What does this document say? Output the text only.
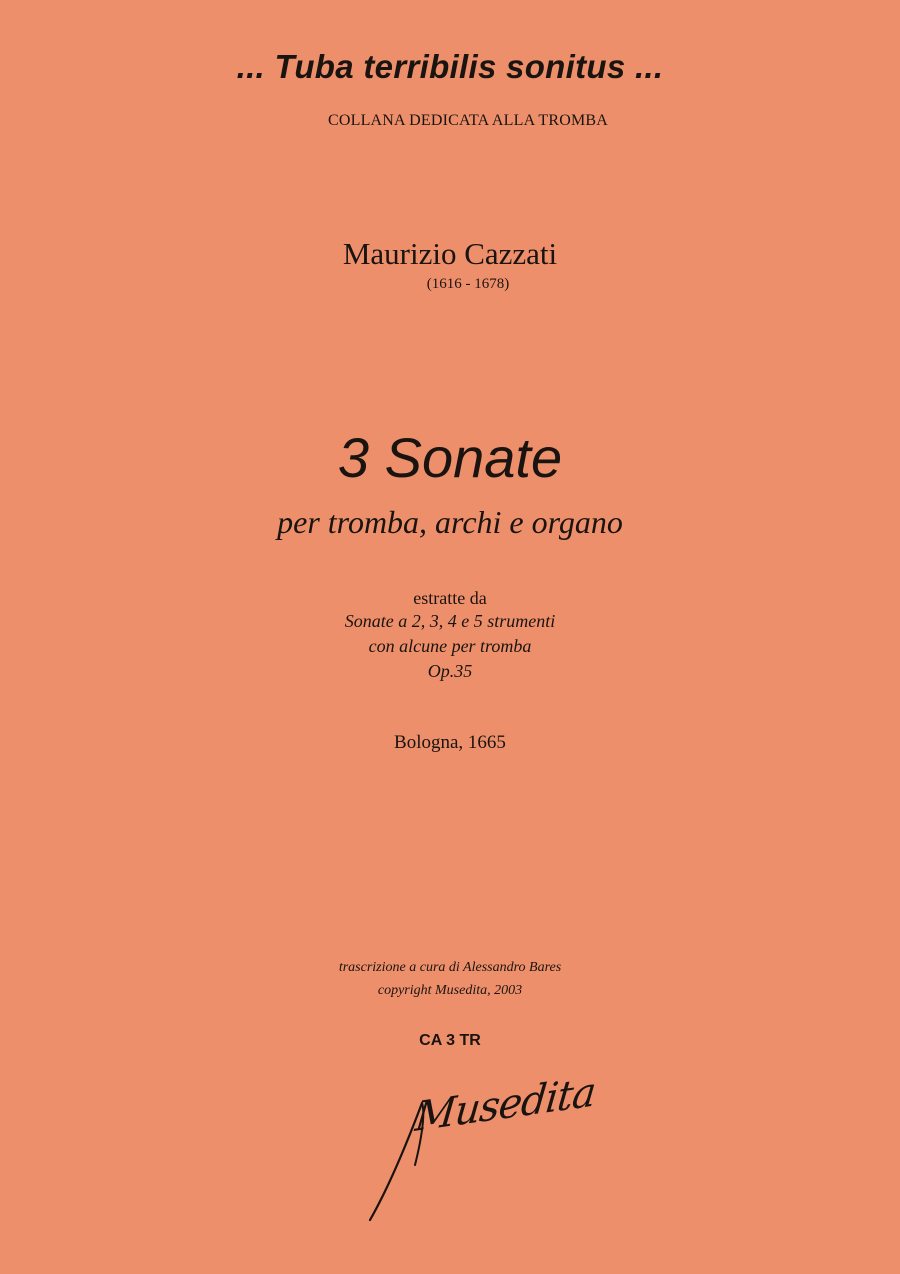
... Tuba terribilis sonitus ...
COLLANA DEDICATA ALLA TROMBA
Maurizio Cazzati
(1616 - 1678)
3 Sonate
per tromba, archi e organo
estratte da
Sonate a 2, 3, 4 e 5 strumenti
con alcune per tromba
Op.35
Bologna, 1665
trascrizione a cura di Alessandro Bares
copyright Musedita, 2003
CA 3 TR
Musedita
